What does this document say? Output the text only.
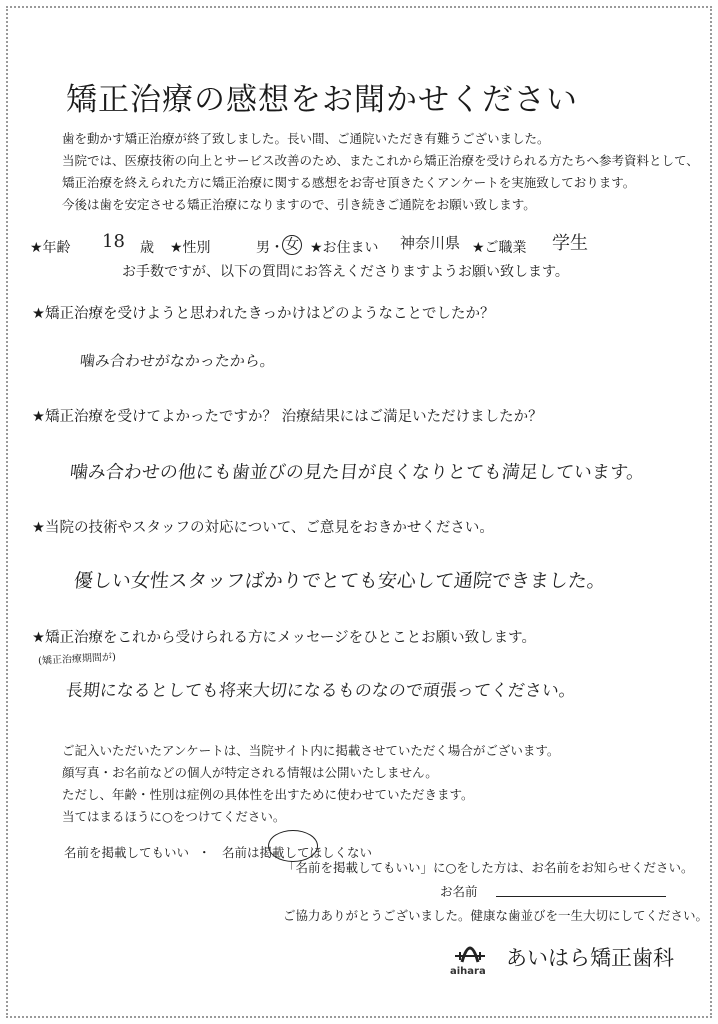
矯正治療の感想をお聞かせください

歯を動かす矯正治療が終了致しました。長い間、ご通院いただき有難うございました。

当院では、医療技術の向上とサービス改善のため、またこれから矯正治療を受けられる方たちへ参考資料として、

矯正治療を終えられた方に矯正治療に関する感想をお寄せ頂きたくアンケートを実施致しております。

今後は歯を安定させる矯正治療になりますので、引き続きご通院をお願い致します。

★年齢 18 歳 ★性別	男 ・ 女 ★お住まい 神奈川県 ★ご職業 学生
お手数ですが、以下の質問にお答えくださりますようお願い致します。
★矯正治療を受けようと思われたきっかけはどのようなことでしたか？
噛み合わせがなかったから。
★矯正治療を受けてよかったですか？ 治療結果にはご満足いただけましたか？
噛み合わせの他にも歯並びの見た目が良くなりとても満足しています。
★当院の技術やスタッフの対応について、ご意見をおきかせください。
優しい女性スタッフばかりでとても安心して通院できました。
★矯正治療をこれから受けられる方にメッセージをひとことお願い致します。
(矯正治療期間が)
長期になるとしても将来大切になるものなので頑張ってください。

ご記入いただいたアンケートは、当院サイト内に掲載させていただく場合がございます。

顔写真・お名前などの個人が特定される情報は公開いたしません。

ただし、年齢・性別は症例の具体性を出すために使わせていただきます。

当てはまるほうに○をつけてください。

名前を掲載してもいい ・ 名前は掲載してほしくない
「名前を掲載してもいい」に○をした方は、お名前をお知らせください。
お名前
ご協力ありがとうございました。健康な歯並びを一生大切にしてください。
aihara
あいはら矯正歯科
